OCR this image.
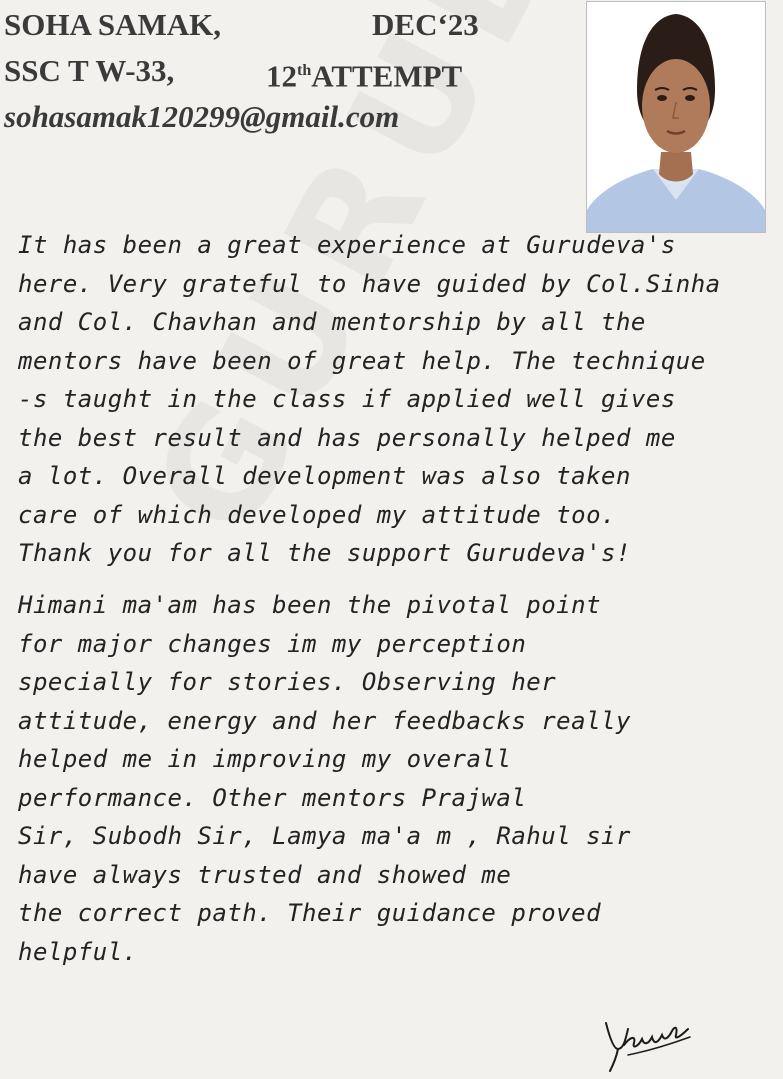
SOHA SAMAK,	DEC‘23
SSC T W-33,	12thATTEMPT
sohasamak120299@gmail.com
It has been a great experience at Gurudeva's
here. Very grateful to have guided by Col.Sinha
and Col. Chavhan and mentorship by all the
mentors have been of great help. The technique
-s taught in the class if applied well gives
the best result and has personally helped me
a lot. Overall development was also taken
care of which developed my attitude too.
Thank you for all the support Gurudeva's!
Himani ma'am has been the pivotal point
for major changes im my perception
specially for stories. Observing her
attitude, energy and her feedbacks really
helped me in improving my overall
performance. Other mentors Prajwal
Sir, Subodh Sir, Lamya ma'a m , Rahul sir
have always trusted and showed me
the correct path. Their guidance proved
helpful.
